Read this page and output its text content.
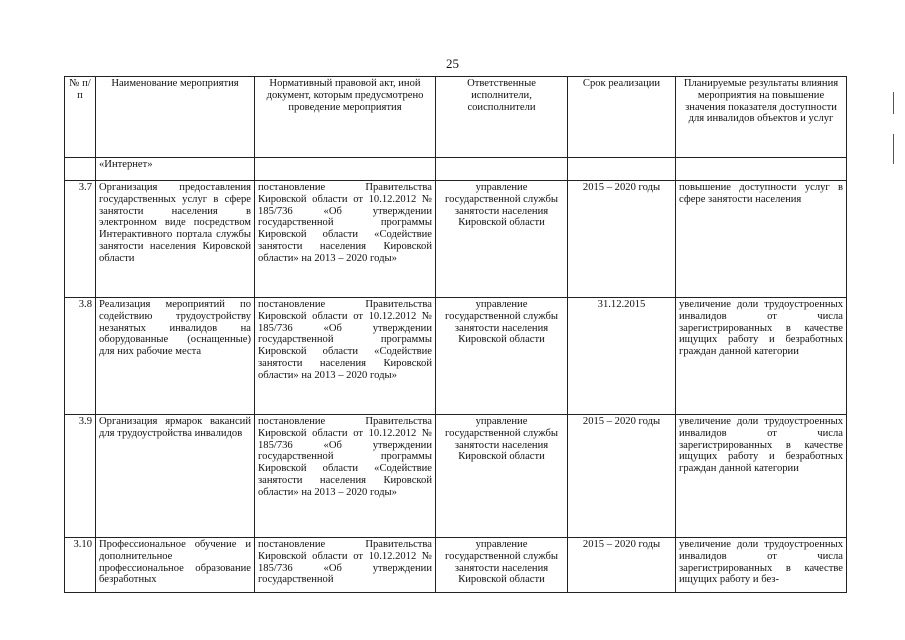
25
№ п/п	Наименование мероприятия	Нормативный правовой акт, иной документ, которым предусмотрено проведение мероприятия	Ответственные исполнители, соисполнители	Срок реализации	Планируемые результаты влияния мероприятия на повышение значения показателя доступности для инвалидов объектов и услуг
	«Интернет»				
3.7	Организация предоставления государственных услуг в сфере занятости населения в электронном виде посредством Интерактивного портала службы занятости населения Кировской области	постановление Правительства Кировской области от 10.12.2012 № 185/736 «Об утверждении государственной программы Кировской области «Содействие занятости населения Кировской области» на 2013 – 2020 годы»	управление государственной службы занятости населения Кировской области	2015 – 2020 годы	повышение доступности услуг в сфере занятости населения
3.8	Реализация мероприятий по содействию трудоустройству незанятых инвалидов на оборудованные (оснащенные) для них рабочие места	постановление Правительства Кировской области от 10.12.2012 № 185/736 «Об утверждении государственной программы Кировской области «Содействие занятости населения Кировской области» на 2013 – 2020 годы»	управление государственной службы занятости населения Кировской области	31.12.2015	увеличение доли трудоустроенных инвалидов от числа зарегистрированных в качестве ищущих работу и безработных граждан данной категории
3.9	Организация ярмарок вакансий для трудоустройства инвалидов	постановление Правительства Кировской области от 10.12.2012 № 185/736 «Об утверждении государственной программы Кировской области «Содействие занятости населения Кировской области» на 2013 – 2020 годы»	управление государственной службы занятости населения Кировской области	2015 – 2020 годы	увеличение доли трудоустроенных инвалидов от числа зарегистрированных в качестве ищущих работу и безработных граждан данной категории
3.10	Профессиональное обучение и дополнительное профессиональное образование безработных	постановление Правительства Кировской области от 10.12.2012 № 185/736 «Об утверждении государственной	управление государственной службы занятости населения Кировской области	2015 – 2020 годы	увеличение доли трудоустроенных инвалидов от числа зарегистрированных в качестве ищущих работу и без-
